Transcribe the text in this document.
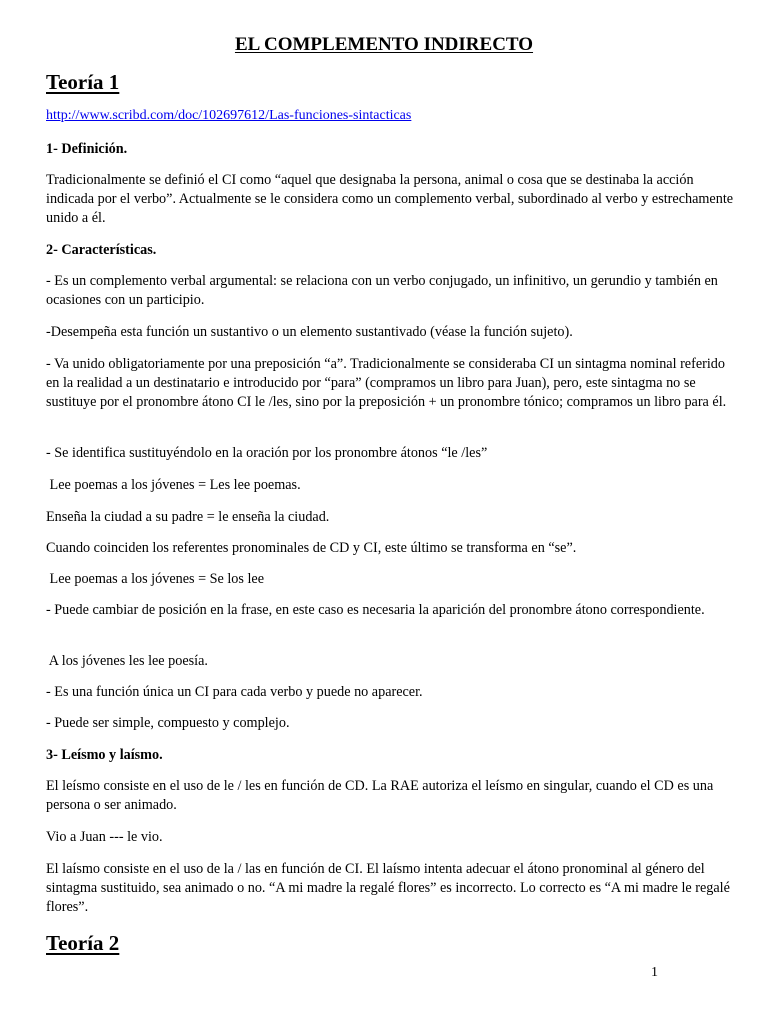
EL COMPLEMENTO INDIRECTO
Teoría 1
http://www.scribd.com/doc/102697612/Las-funciones-sintacticas
1- Definición.
Tradicionalmente se definió el CI como “aquel que designaba la persona, animal o cosa que se destinaba la acción indicada por el verbo”. Actualmente se le considera como un complemento verbal, subordinado al verbo y estrechamente unido a él.
2- Características.
- Es un complemento verbal argumental: se relaciona con un verbo conjugado, un infinitivo, un gerundio y también en ocasiones con un participio.
-Desempeña esta función un sustantivo o un elemento sustantivado (véase la función sujeto).
- Va unido obligatoriamente por una preposición “a”. Tradicionalmente se consideraba CI un sintagma nominal referido en la realidad a un destinatario e introducido por “para” (compramos un libro para Juan), pero, este sintagma no se sustituye por el pronombre átono CI le /les, sino por la preposición + un pronombre tónico; compramos un libro para él.
- Se identifica sustituyéndolo en la oración por los pronombre átonos “le /les”
Lee poemas a los jóvenes = Les lee poemas.
Enseña la ciudad a su padre = le enseña la ciudad.
Cuando coinciden los referentes pronominales de CD y CI, este último se transforma en “se”.
Lee poemas a los jóvenes = Se los lee
- Puede cambiar de posición en la frase, en este caso es necesaria la aparición del pronombre átono correspondiente.
A los jóvenes les lee poesía.
- Es una función única un CI para cada verbo y puede no aparecer.
- Puede ser simple, compuesto y complejo.
3- Leísmo y laísmo.
El leísmo consiste en el uso de le / les en función de CD. La RAE autoriza el leísmo en singular, cuando el CD es una persona o ser animado.
Vio a Juan --- le vio.
El laísmo consiste en el uso de la / las en función de CI. El laísmo intenta adecuar el átono pronominal al género del sintagma sustituido, sea animado o no. “A mi madre la regalé flores” es incorrecto. Lo correcto es “A mi madre le regalé flores”.
Teoría 2
1
